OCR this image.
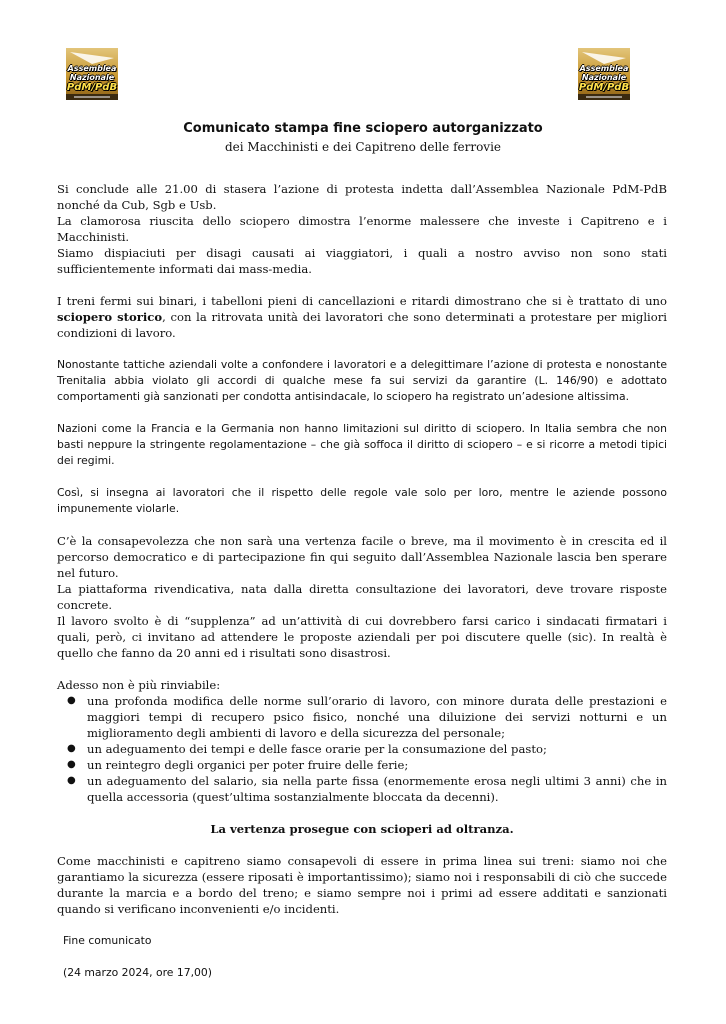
Assemblea
Nazionale
PdM/PdB
Assemblea
Nazionale
PdM/PdB
Comunicato stampa fine sciopero autorganizzato
dei Macchinisti e dei Capitreno delle ferrovie

Si conclude alle 21.00 di stasera l’azione di protesta indetta dall’Assemblea Nazionale PdM-PdB nonché da Cub, Sgb e Usb.
La clamorosa riuscita dello sciopero dimostra l’enorme malessere che investe i Capitreno e i Macchinisti.
Siamo dispiaciuti per disagi causati ai viaggiatori, i quali a nostro avviso non sono stati sufficientemente informati dai mass-media.

I treni fermi sui binari, i tabelloni pieni di cancellazioni e ritardi dimostrano che si è trattato di uno sciopero storico, con la ritrovata unità dei lavoratori che sono determinati a protestare per migliori condizioni di lavoro.

Nonostante tattiche aziendali volte a confondere i lavoratori e a delegittimare l’azione di protesta e nonostante Trenitalia abbia violato gli accordi di qualche mese fa sui servizi da garantire (L. 146/90) e adottato comportamenti già sanzionati per condotta antisindacale, lo sciopero ha registrato un’adesione altissima.

Nazioni come la Francia e la Germania non hanno limitazioni sul diritto di sciopero. In Italia sembra che non basti neppure la stringente regolamentazione – che già soffoca il diritto di sciopero – e si ricorre a metodi tipici dei regimi.

Così, si insegna ai lavoratori che il rispetto delle regole vale solo per loro, mentre le aziende possono impunemente violarle.

C’è la consapevolezza che non sarà una vertenza facile o breve, ma il movimento è in crescita ed il percorso democratico e di partecipazione fin qui seguito dall’Assemblea Nazionale lascia ben sperare nel futuro.
La piattaforma rivendicativa, nata dalla diretta consultazione dei lavoratori, deve trovare risposte concrete.
Il lavoro svolto è di “supplenza” ad un’attività di cui dovrebbero farsi carico i sindacati firmatari i quali, però, ci invitano ad attendere le proposte aziendali per poi discutere quelle (sic). In realtà è quello che fanno da 20 anni ed i risultati sono disastrosi.

Adesso non è più rinviabile:
● una profonda modifica delle norme sull’orario di lavoro, con minore durata delle prestazioni e maggiori tempi di recupero psico fisico, nonché una diluizione dei servizi notturni e un miglioramento degli ambienti di lavoro e della sicurezza del personale;
● un adeguamento dei tempi e delle fasce orarie per la consumazione del pasto;
● un reintegro degli organici per poter fruire delle ferie;
● un adeguamento del salario, sia nella parte fissa (enormemente erosa negli ultimi 3 anni) che in quella accessoria (quest’ultima sostanzialmente bloccata da decenni).
La vertenza prosegue con scioperi ad oltranza.

Come macchinisti e capitreno siamo consapevoli di essere in prima linea sui treni: siamo noi che garantiamo la sicurezza (essere riposati è importantissimo); siamo noi i responsabili di ciò che succede durante la marcia e a bordo del treno; e siamo sempre noi i primi ad essere additati e sanzionati quando si verificano inconvenienti e/o incidenti.

Fine comunicato
(24 marzo 2024, ore 17,00)
